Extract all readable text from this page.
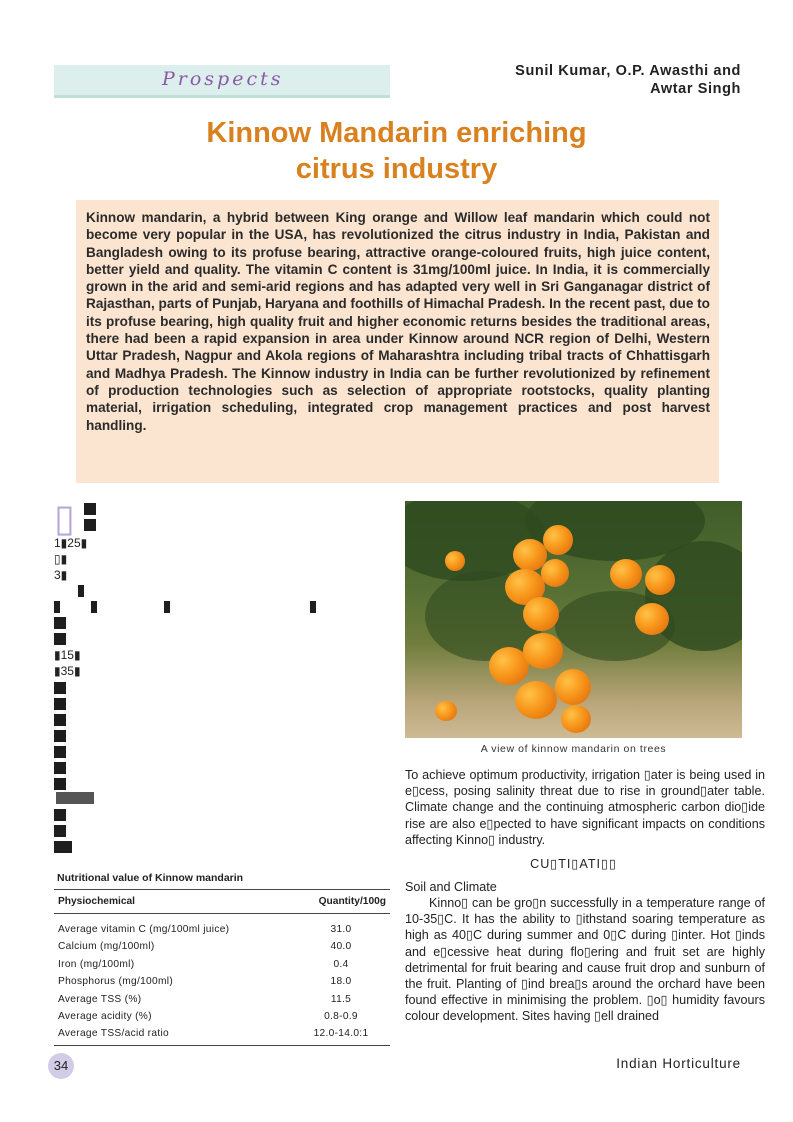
Prospects	Sunil Kumar, O.P. Awasthi and
Awtar Singh
Kinnow Mandarin enriching
citrus industry

Kinnow mandarin, a hybrid between King orange and Willow leaf mandarin which could not become very popular in the USA, has revolutionized the citrus industry in India, Pakistan and Bangladesh owing to its profuse bearing, attractive orange-coloured fruits, high juice content, better yield and quality. The vitamin C content is 31mg/100ml juice. In India, it is commercially grown in the arid and semi-arid regions and has adapted very well in Sri Ganganagar district of Rajasthan, parts of Punjab, Haryana and foothills of Himachal Pradesh. In the recent past, due to its profuse bearing, high quality fruit and higher economic returns besides the traditional areas, there had been a rapid expansion in area under Kinnow around NCR region of Delhi, Western Uttar Pradesh, Nagpur and Akola regions of Maharashtra including tribal tracts of Chhattisgarh and Madhya Pradesh. The Kinnow industry in India can be further revolutionized by refinement of production technologies such as selection of appropriate rootstocks, quality planting material, irrigation scheduling, integrated crop management practices and post harvest handling.

▯
1▮25▮
▯▮
3▮
▮15▮
▮35▮
A view of kinnow mandarin on trees

To achieve optimum productivity, irrigation ▯ater is being used in e▯cess, posing salinity threat due to rise in ground▯ater table. Climate change and the continuing atmospheric carbon dio▯ide rise are also e▯pected to have significant impacts on conditions affecting Kinno▯ industry.

CU▯TI▯ATI▯▯
Soil and Climate

Kinno▯ can be gro▯n successfully in a temperature range of 10-35▯C. It has the ability to ▯ithstand soaring temperature as high as 40▯C during summer and 0▯C during ▯inter. Hot ▯inds and e▯cessive heat during flo▯ering and fruit set are highly detrimental for fruit bearing and cause fruit drop and sunburn of the fruit. Planting of ▯ind brea▯s around the orchard have been found effective in minimising the problem. ▯o▯ humidity favours colour development. Sites having ▯ell drained

Nutritional value of Kinnow mandarin
Physiochemical	Quantity/100g
Average vitamin C (mg/100ml juice)	31.0
Calcium (mg/100ml)	40.0
Iron (mg/100ml)	0.4
Phosphorus (mg/100ml)	18.0
Average TSS (%)	11.5
Average acidity (%)	0.8-0.9
Average TSS/acid ratio	12.0-14.0:1
34	Indian Horticulture
